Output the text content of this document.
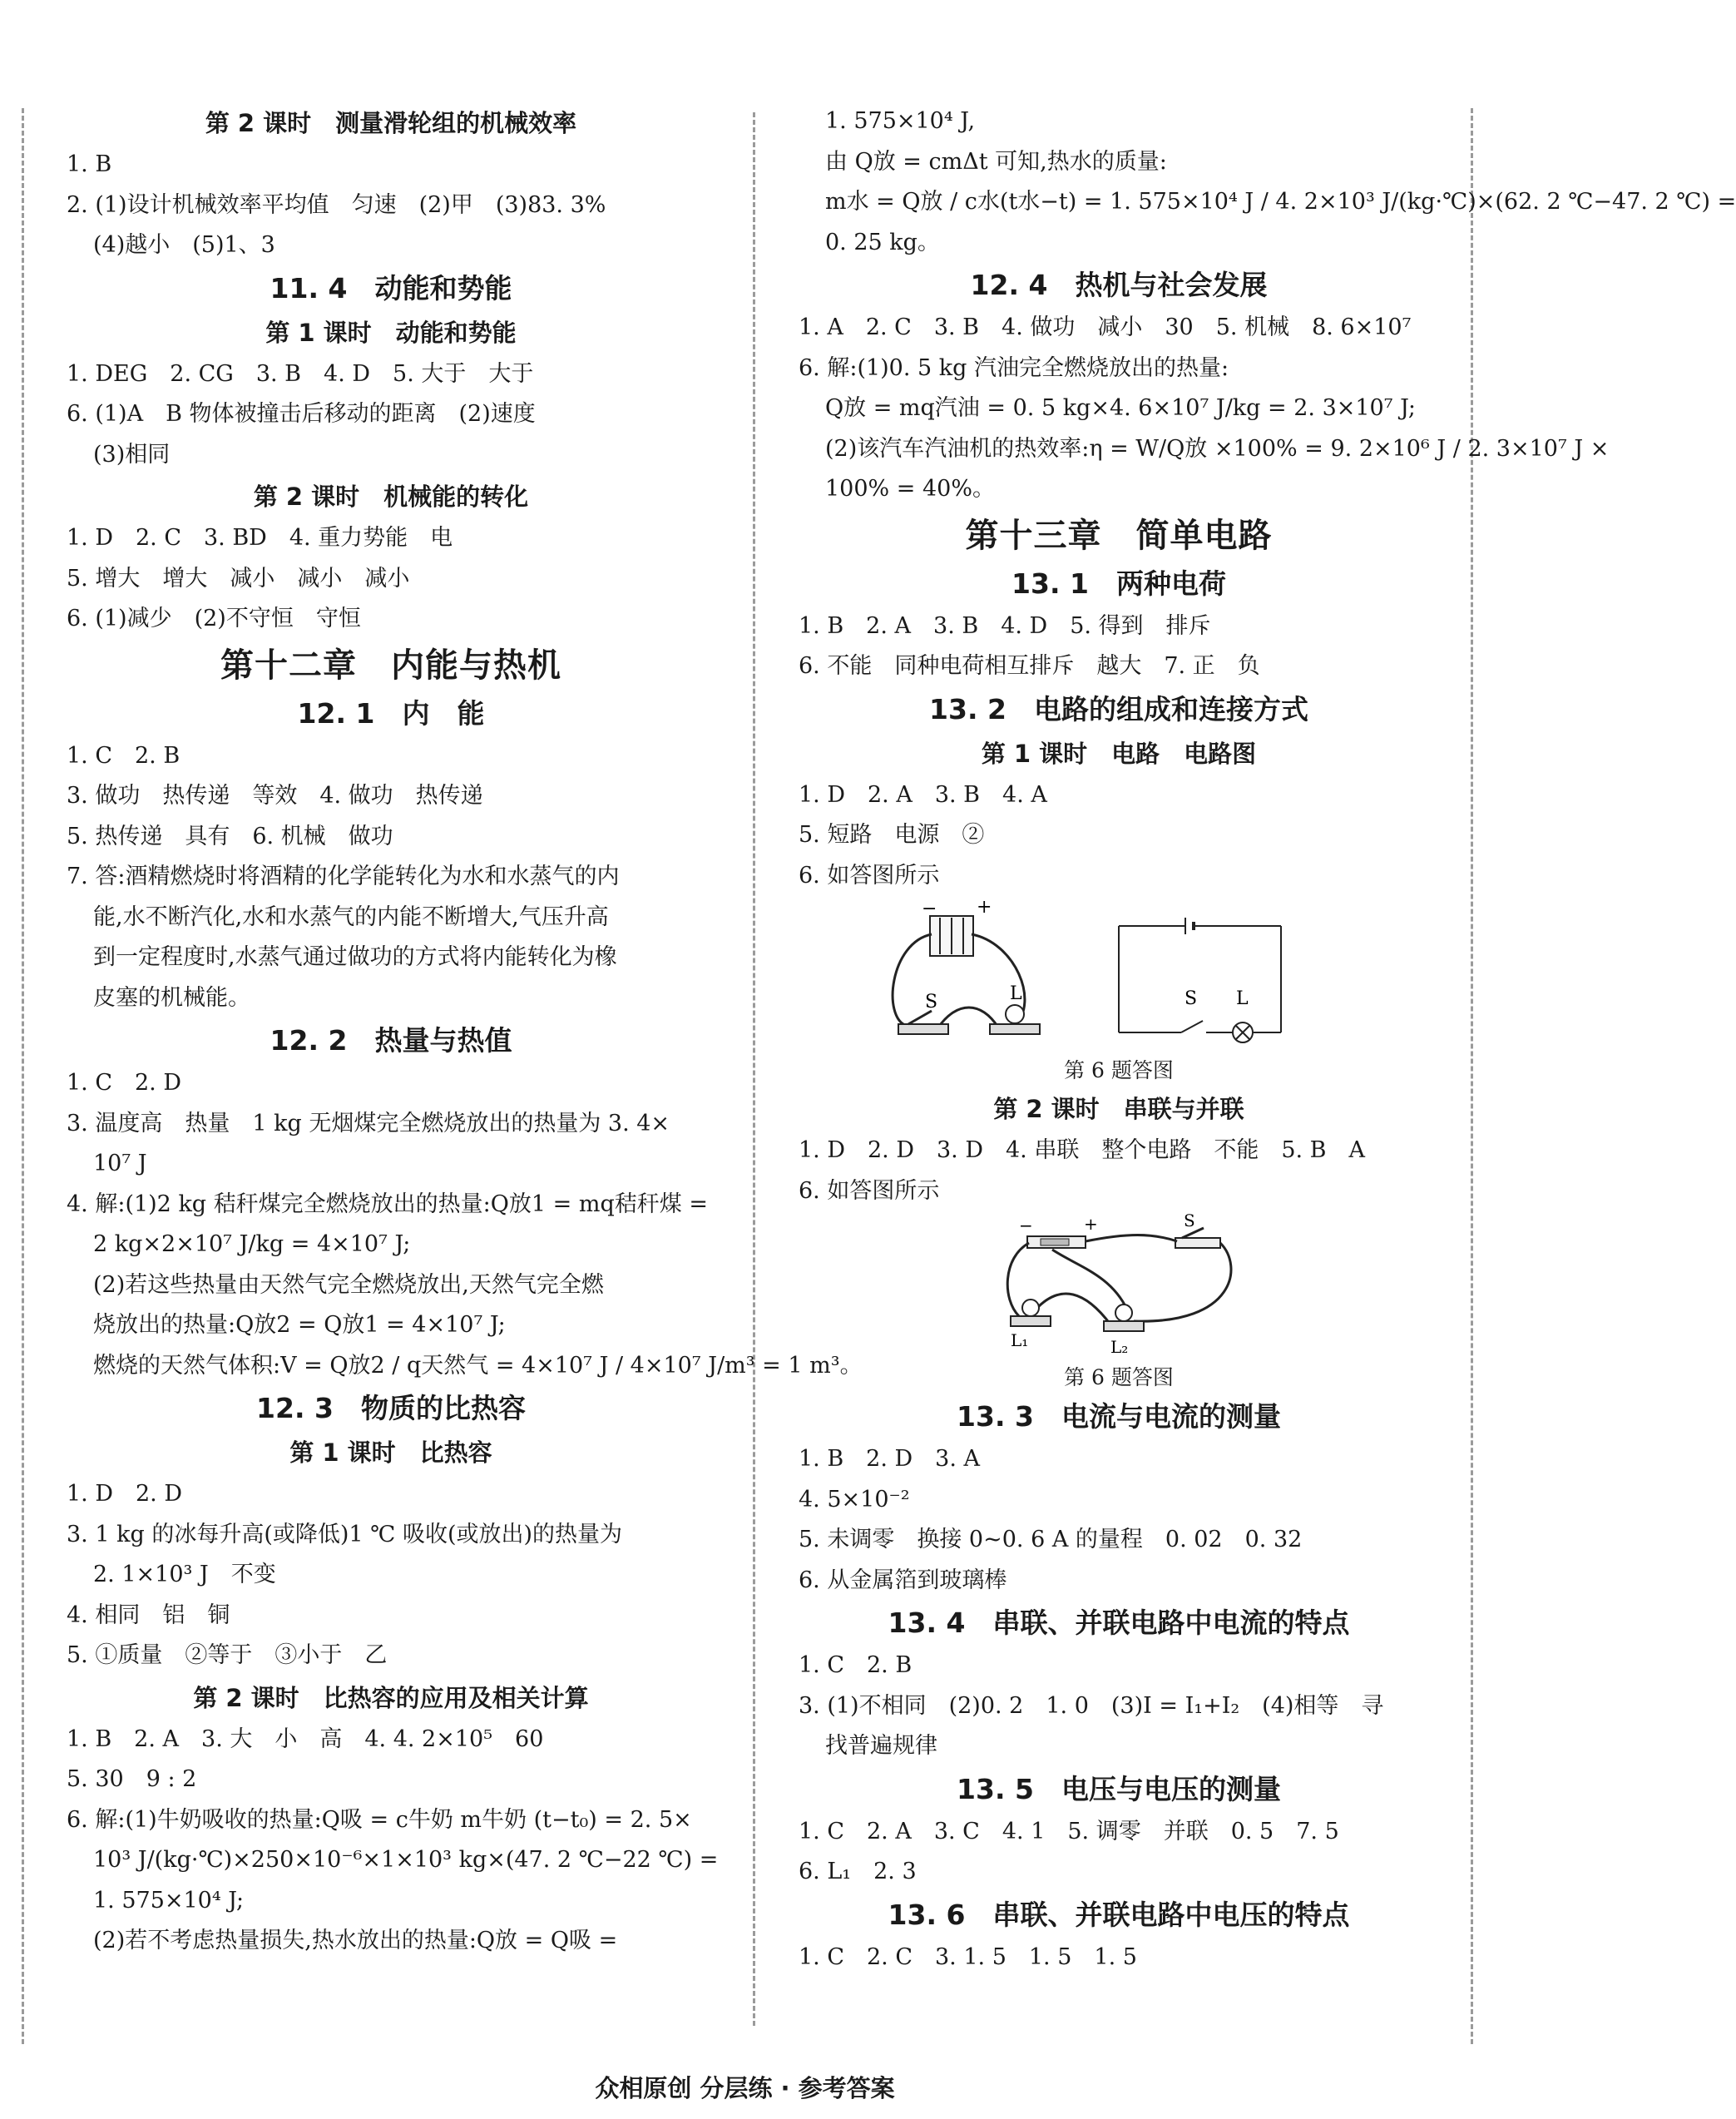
第 2 课时　测量滑轮组的机械效率

1. B

2. (1)设计机械效率平均值　匀速　(2)甲　(3)83. 3%

(4)越小　(5)1、3

11. 4　动能和势能

第 1 课时　动能和势能

1. DEG　2. CG　3. B　4. D　5. 大于　大于

6. (1)A　B 物体被撞击后移动的距离　(2)速度

(3)相同

第 2 课时　机械能的转化

1. D　2. C　3. BD　4. 重力势能　电

5. 增大　增大　减小　减小　减小

6. (1)减少　(2)不守恒　守恒

第十二章　内能与热机

12. 1　内　能

1. C　2. B

3. 做功　热传递　等效　4. 做功　热传递

5. 热传递　具有　6. 机械　做功

7. 答:酒精燃烧时将酒精的化学能转化为水和水蒸气的内

能,水不断汽化,水和水蒸气的内能不断增大,气压升高

到一定程度时,水蒸气通过做功的方式将内能转化为橡

皮塞的机械能。

12. 2　热量与热值

1. C　2. D

3. 温度高　热量　1 kg 无烟煤完全燃烧放出的热量为 3. 4×

10⁷ J

4. 解:(1)2 kg 秸秆煤完全燃烧放出的热量:Q放1 = mq秸秆煤 =

2 kg×2×10⁷ J/kg = 4×10⁷ J;

(2)若这些热量由天然气完全燃烧放出,天然气完全燃

烧放出的热量:Q放2 = Q放1 = 4×10⁷ J;

燃烧的天然气体积:V = Q放2 / q天然气 = 4×10⁷ J / 4×10⁷ J/m³ = 1 m³。

12. 3　物质的比热容

第 1 课时　比热容

1. D　2. D

3. 1 kg 的冰每升高(或降低)1 ℃ 吸收(或放出)的热量为

2. 1×10³ J　不变

4. 相同　铝　铜

5. ①质量　②等于　③小于　乙

第 2 课时　比热容的应用及相关计算

1. B　2. A　3. 大　小　高　4. 4. 2×10⁵　60

5. 30　9 : 2

6. 解:(1)牛奶吸收的热量:Q吸 = c牛奶 m牛奶 (t−t₀) = 2. 5×

10³ J/(kg·℃)×250×10⁻⁶×1×10³ kg×(47. 2 ℃−22 ℃) =

1. 575×10⁴ J;

(2)若不考虑热量损失,热水放出的热量:Q放 = Q吸 =

1. 575×10⁴ J,

由 Q放 = cmΔt 可知,热水的质量:

m水 = Q放 / c水(t水−t) = 1. 575×10⁴ J / 4. 2×10³ J/(kg·℃)×(62. 2 ℃−47. 2 ℃) =

0. 25 kg。

12. 4　热机与社会发展

1. A　2. C　3. B　4. 做功　减小　30　5. 机械　8. 6×10⁷

6. 解:(1)0. 5 kg 汽油完全燃烧放出的热量:

Q放 = mq汽油 = 0. 5 kg×4. 6×10⁷ J/kg = 2. 3×10⁷ J;

(2)该汽车汽油机的热效率:η = W/Q放 ×100% = 9. 2×10⁶ J / 2. 3×10⁷ J ×

100% = 40%。

第十三章　简单电路

13. 1　两种电荷

1. B　2. A　3. B　4. D　5. 得到　排斥

6. 不能　同种电荷相互排斥　越大　7. 正　负

13. 2　电路的组成和连接方式

第 1 课时　电路　电路图

1. D　2. A　3. B　4. A

5. 短路　电源　②

6. 如答图所示

− +
S	L	S L

第 6 题答图

第 2 课时　串联与并联

1. D　2. D　3. D　4. 串联　整个电路　不能　5. B　A

6. 如答图所示

−	+	S
L₁	L₂

第 6 题答图

13. 3　电流与电流的测量

1. B　2. D　3. A

4. 5×10⁻²

5. 未调零　换接 0~0. 6 A 的量程　0. 02　0. 32

6. 从金属箔到玻璃棒

13. 4　串联、并联电路中电流的特点

1. C　2. B

3. (1)不相同　(2)0. 2　1. 0　(3)I = I₁+I₂　(4)相等　寻

找普遍规律

13. 5　电压与电压的测量

1. C　2. A　3. C　4. 1　5. 调零　并联　0. 5　7. 5

6. L₁　2. 3

13. 6　串联、并联电路中电压的特点

1. C　2. C　3. 1. 5　1. 5　1. 5

众相原创 分层练 · 参考答案
